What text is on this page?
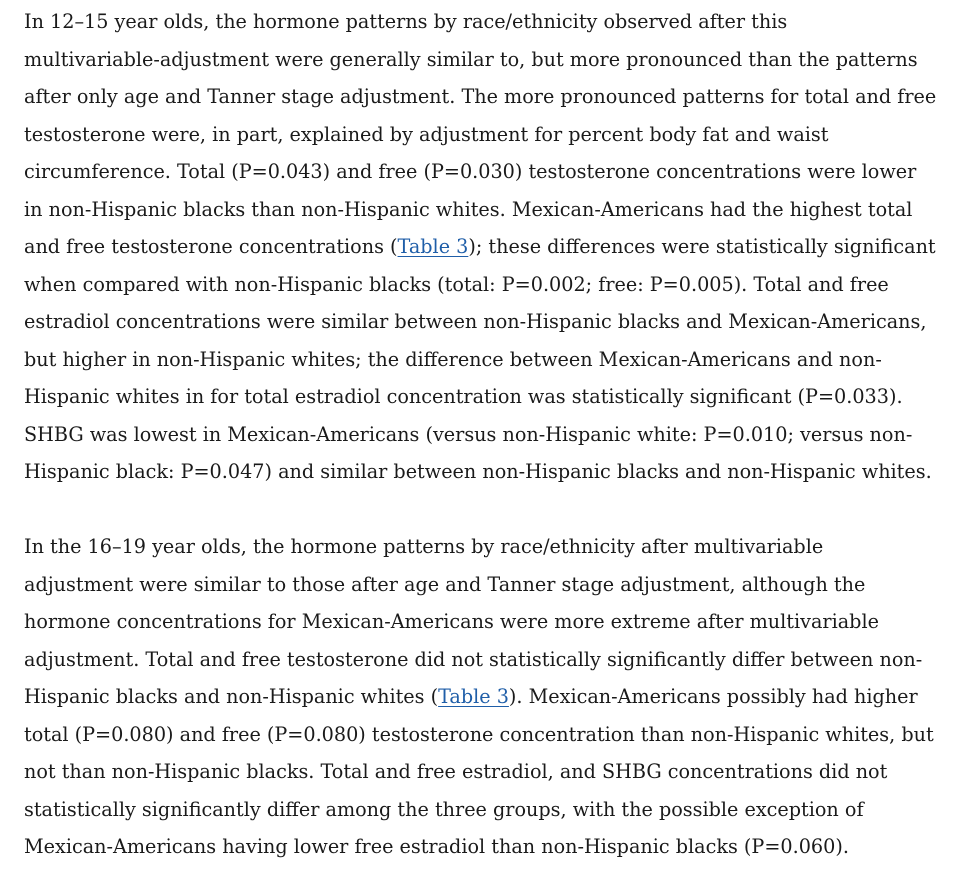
In 12–15 year olds, the hormone patterns by race/ethnicity observed after this
multivariable-adjustment were generally similar to, but more pronounced than the patterns
after only age and Tanner stage adjustment. The more pronounced patterns for total and free
testosterone were, in part, explained by adjustment for percent body fat and waist
circumference. Total (P=0.043) and free (P=0.030) testosterone concentrations were lower
in non-Hispanic blacks than non-Hispanic whites. Mexican-Americans had the highest total
and free testosterone concentrations (Table 3); these differences were statistically significant
when compared with non-Hispanic blacks (total: P=0.002; free: P=0.005). Total and free
estradiol concentrations were similar between non-Hispanic blacks and Mexican-Americans,
but higher in non-Hispanic whites; the difference between Mexican-Americans and non-
Hispanic whites in for total estradiol concentration was statistically significant (P=0.033).
SHBG was lowest in Mexican-Americans (versus non-Hispanic white: P=0.010; versus non-
Hispanic black: P=0.047) and similar between non-Hispanic blacks and non-Hispanic whites.

In the 16–19 year olds, the hormone patterns by race/ethnicity after multivariable
adjustment were similar to those after age and Tanner stage adjustment, although the
hormone concentrations for Mexican-Americans were more extreme after multivariable
adjustment. Total and free testosterone did not statistically significantly differ between non-
Hispanic blacks and non-Hispanic whites (Table 3). Mexican-Americans possibly had higher
total (P=0.080) and free (P=0.080) testosterone concentration than non-Hispanic whites, but
not than non-Hispanic blacks. Total and free estradiol, and SHBG concentrations did not
statistically significantly differ among the three groups, with the possible exception of
Mexican-Americans having lower free estradiol than non-Hispanic blacks (P=0.060).
